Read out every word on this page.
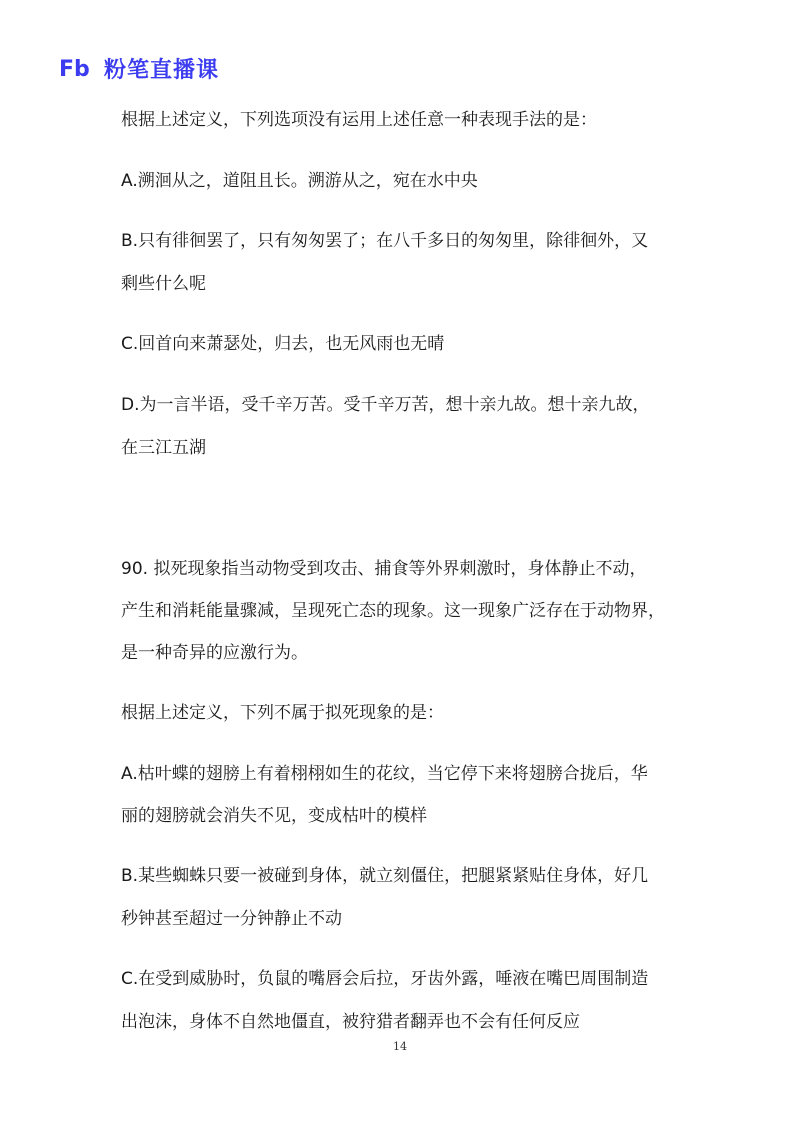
Fb 粉笔直播课
根据上述定义，下列选项没有运用上述任意一种表现手法的是：
A.溯洄从之，道阻且长。溯游从之，宛在水中央
B.只有徘徊罢了，只有匆匆罢了；在八千多日的匆匆里，除徘徊外，又
剩些什么呢
C.回首向来萧瑟处，归去，也无风雨也无晴
D.为一言半语，受千辛万苦。受千辛万苦，想十亲九故。想十亲九故，
在三江五湖
90. 拟死现象指当动物受到攻击、捕食等外界刺激时，身体静止不动，
产生和消耗能量骤减，呈现死亡态的现象。这一现象广泛存在于动物界，
是一种奇异的应激行为。
根据上述定义，下列不属于拟死现象的是：
A.枯叶蝶的翅膀上有着栩栩如生的花纹，当它停下来将翅膀合拢后，华
丽的翅膀就会消失不见，变成枯叶的模样
B.某些蜘蛛只要一被碰到身体，就立刻僵住，把腿紧紧贴住身体，好几
秒钟甚至超过一分钟静止不动
C.在受到威胁时，负鼠的嘴唇会后拉，牙齿外露，唾液在嘴巴周围制造
出泡沫，身体不自然地僵直，被狩猎者翻弄也不会有任何反应
14
